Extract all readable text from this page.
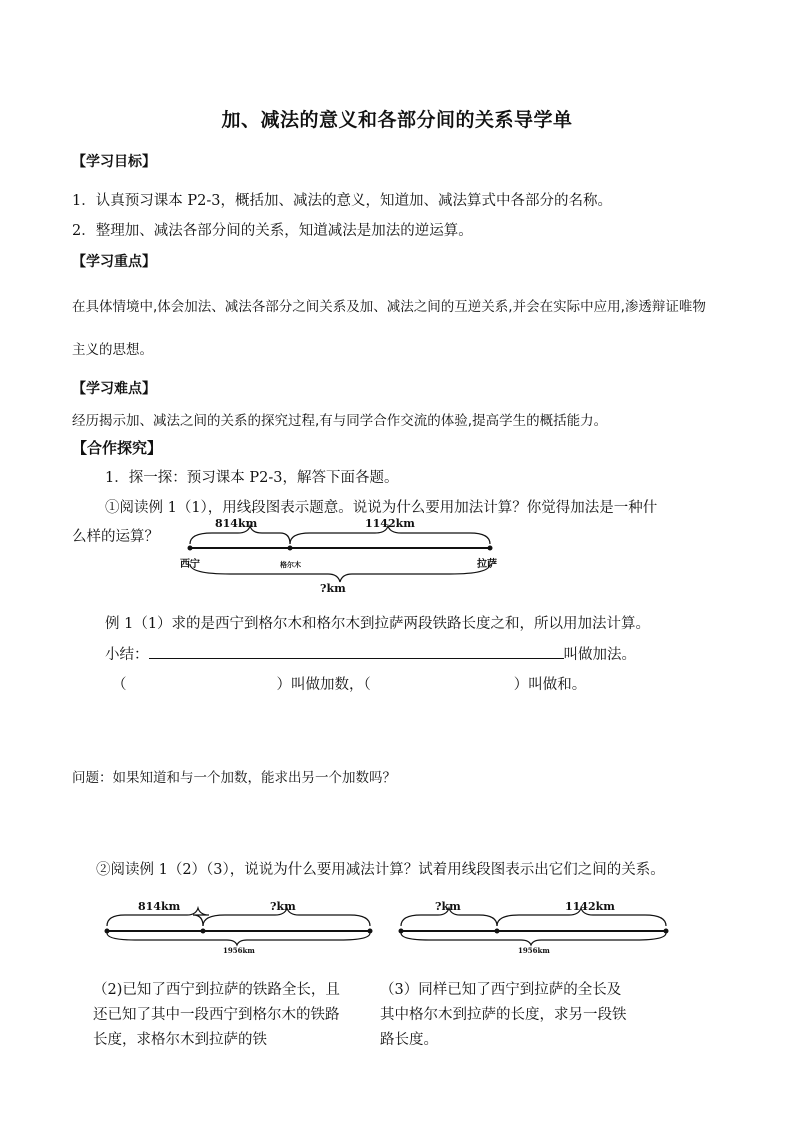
加、减法的意义和各部分间的关系导学单
【学习目标】
1．认真预习课本 P2-3，概括加、减法的意义，知道加、减法算式中各部分的名称。
2．整理加、减法各部分间的关系，知道减法是加法的逆运算。
【学习重点】
在具体情境中,体会加法、减法各部分之间关系及加、减法之间的互逆关系,并会在实际中应用,渗透辩证唯物
主义的思想。
【学习难点】
经历揭示加、减法之间的关系的探究过程,有与同学合作交流的体验,提高学生的概括能力。
【合作探究】
1．探一探：预习课本 P2-3，解答下面各题。
①阅读例 1（1），用线段图表示题意。说说为什么要用加法计算？你觉得加法是一种什
么样的运算？
814km	1142km
西宁	格尔木	拉萨
?km
例 1（1）求的是西宁到格尔木和格尔木到拉萨两段铁路长度之和，所以用加法计算。
小结：	叫做加法。
（	）叫做加数，（	）叫做和。
问题：如果知道和与一个加数，能求出另一个加数吗？
②阅读例 1（2）（3），说说为什么要用减法计算？试着用线段图表示出它们之间的关系。
814km	?km
1956km
?km	1142km
1956km
（2)已知了西宁到拉萨的铁路全长，且还已知了其中一段西宁到格尔木的铁路长度，求格尔木到拉萨的铁
（3）同样已知了西宁到拉萨的全长及其中格尔木到拉萨的长度，求另一段铁路长度。
